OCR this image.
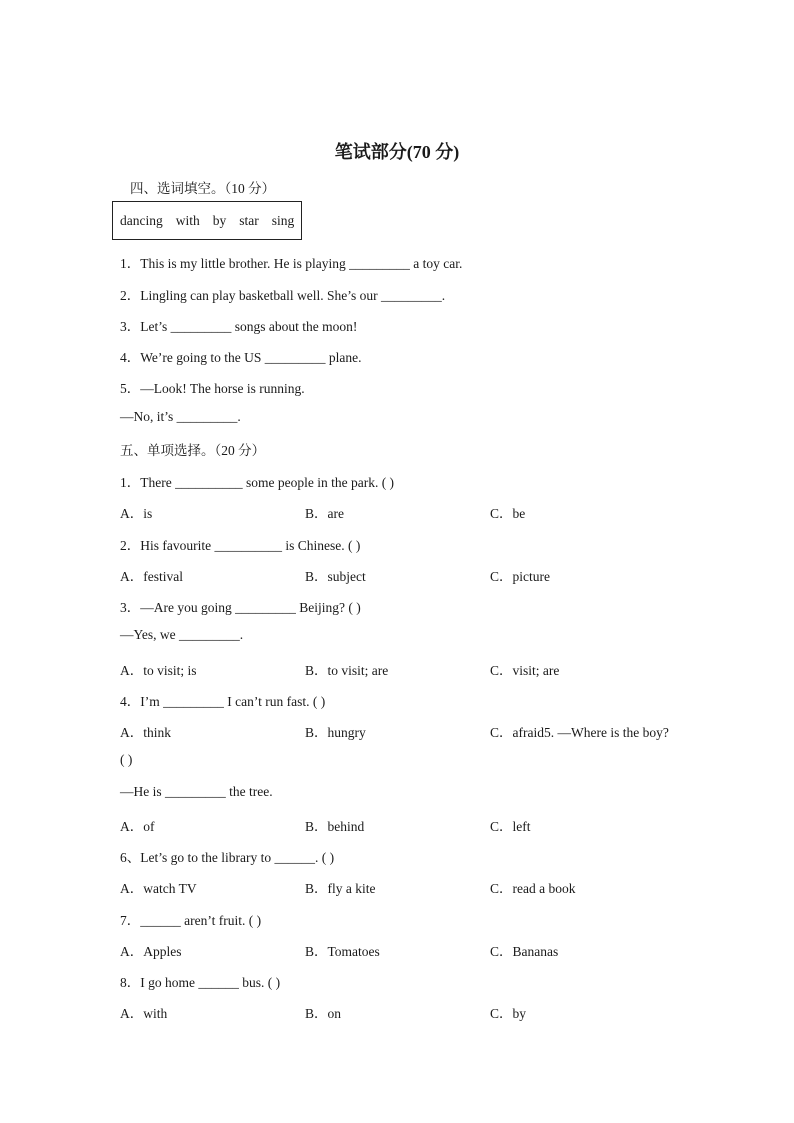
笔试部分(70 分)
四、选词填空。（10 分）
dancing with by star sing
1．This is my little brother. He is playing _________ a toy car.
2．Lingling can play basketball well. She’s our _________.
3．Let’s _________ songs about the moon!
4．We’re going to the US _________ plane.
5．—Look! The horse is running.
—No, it’s _________.
五、单项选择。（20 分）
1．There __________ some people in the park. ( )
A．is	B．are	C．be
2．His favourite __________ is Chinese. ( )
A．festival	B．subject	C．picture
3．—Are you going _________ Beijing? ( )
—Yes, we _________.
A．to visit; is	B．to visit; are	C．visit; are
4．I’m _________ I can’t run fast. ( )
A．think	B．hungry	C．afraid5. —Where is the boy?
( )
—He is _________ the tree.
A．of	B．behind	C．left
6、Let’s go to the library to ______. ( )
A．watch TV	B．fly a kite	C．read a book
7．______ aren’t fruit. ( )
A．Apples	B．Tomatoes	C．Bananas
8．I go home ______ bus. ( )
A．with	B．on	C．by
